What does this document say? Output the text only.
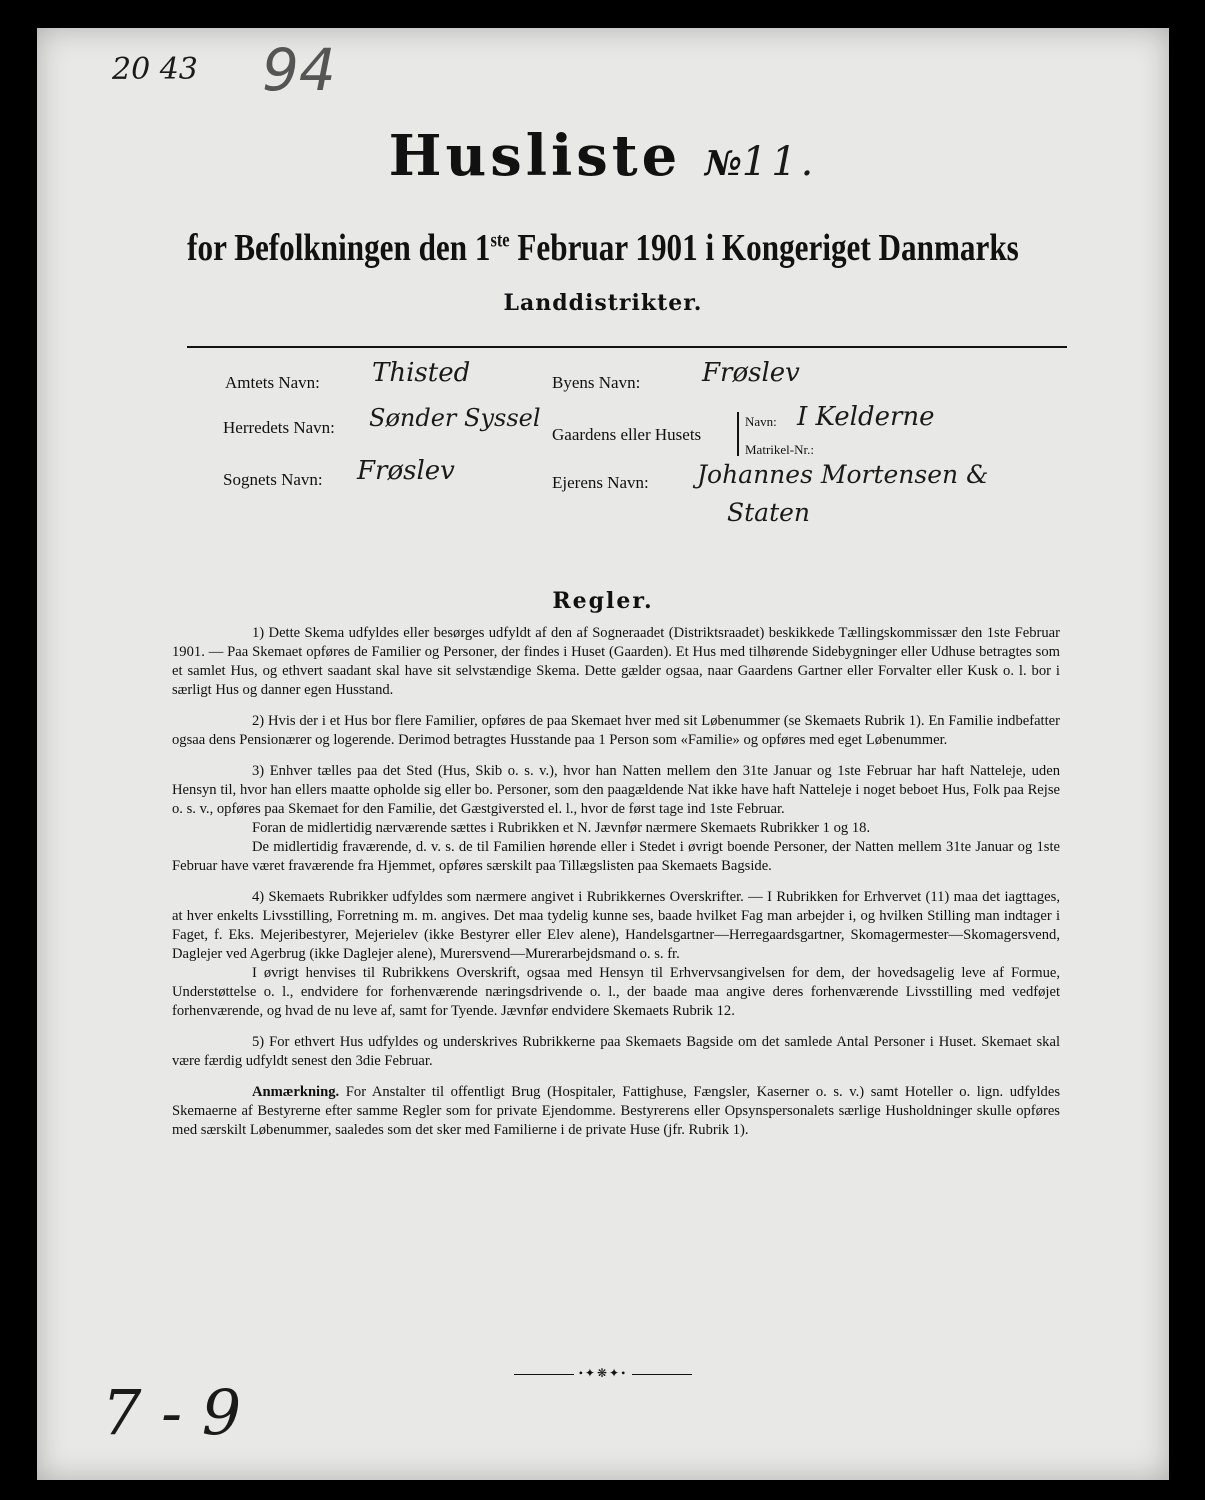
20 43 94
Husliste №11.
for Befolkningen den 1ste Februar 1901 i Kongeriget Danmarks
Landdistrikter.
Amtets Navn: Thisted
Herredets Navn: Sønder Syssel
Sognets Navn: Frøslev
Byens Navn: Frøslev
Gaardens eller Husets
Navn: I Kelderne
Matrikel-Nr.:
Ejerens Navn: Johannes Mortensen &
Staten
Regler.

1) Dette Skema udfyldes eller besørges udfyldt af den af Sogneraadet (Distriktsraadet) beskikkede Tællingskommissær den 1ste Februar 1901. — Paa Skemaet opføres de Familier og Personer, der findes i Huset (Gaarden). Et Hus med tilhørende Sidebygninger eller Udhuse betragtes som et samlet Hus, og ethvert saadant skal have sit selvstændige Skema. Dette gælder ogsaa, naar Gaardens Gartner eller Forvalter eller Kusk o. l. bor i særligt Hus og danner egen Husstand.

2) Hvis der i et Hus bor flere Familier, opføres de paa Skemaet hver med sit Løbenummer (se Skemaets Rubrik 1). En Familie indbefatter ogsaa dens Pensionærer og logerende. Derimod betragtes Husstande paa 1 Person som «Familie» og opføres med eget Løbenummer.

3) Enhver tælles paa det Sted (Hus, Skib o. s. v.), hvor han Natten mellem den 31te Januar og 1ste Februar har haft Natteleje, uden Hensyn til, hvor han ellers maatte opholde sig eller bo. Personer, som den paagældende Nat ikke have haft Natteleje i noget beboet Hus, Folk paa Rejse o. s. v., opføres paa Skemaet for den Familie, det Gæstgiversted el. l., hvor de først tage ind 1ste Februar.

Foran de midlertidig nærværende sættes i Rubrikken et N. Jævnfør nærmere Skemaets Rubrikker 1 og 18.

De midlertidig fraværende, d. v. s. de til Familien hørende eller i Stedet i øvrigt boende Personer, der Natten mellem 31te Januar og 1ste Februar have været fraværende fra Hjemmet, opføres særskilt paa Tillægslisten paa Skemaets Bagside.

4) Skemaets Rubrikker udfyldes som nærmere angivet i Rubrikkernes Overskrifter. — I Rubrikken for Erhvervet (11) maa det iagttages, at hver enkelts Livsstilling, Forretning m. m. angives. Det maa tydelig kunne ses, baade hvilket Fag man arbejder i, og hvilken Stilling man indtager i Faget, f. Eks. Mejeribestyrer, Mejerielev (ikke Bestyrer eller Elev alene), Handelsgartner—Herregaardsgartner, Skomagermester—Skomagersvend, Daglejer ved Agerbrug (ikke Daglejer alene), Murersvend—Murerarbejdsmand o. s. fr.

I øvrigt henvises til Rubrikkens Overskrift, ogsaa med Hensyn til Erhvervsangivelsen for dem, der hovedsagelig leve af Formue, Understøttelse o. l., endvidere for forhenværende næringsdrivende o. l., der baade maa angive deres forhenværende Livsstilling med vedføjet forhenværende, og hvad de nu leve af, samt for Tyende. Jævnfør endvidere Skemaets Rubrik 12.

5) For ethvert Hus udfyldes og underskrives Rubrikkerne paa Skemaets Bagside om det samlede Antal Personer i Huset. Skemaet skal være færdig udfyldt senest den 3die Februar.

Anmærkning. For Anstalter til offentligt Brug (Hospitaler, Fattighuse, Fængsler, Kaserner o. s. v.) samt Hoteller o. lign. udfyldes Skemaerne af Bestyrerne efter samme Regler som for private Ejendomme. Bestyrerens eller Opsynspersonalets særlige Husholdninger skulle opføres med særskilt Løbenummer, saaledes som det sker med Familierne i de private Huse (jfr. Rubrik 1).

•✦❋✦•
7 - 9
